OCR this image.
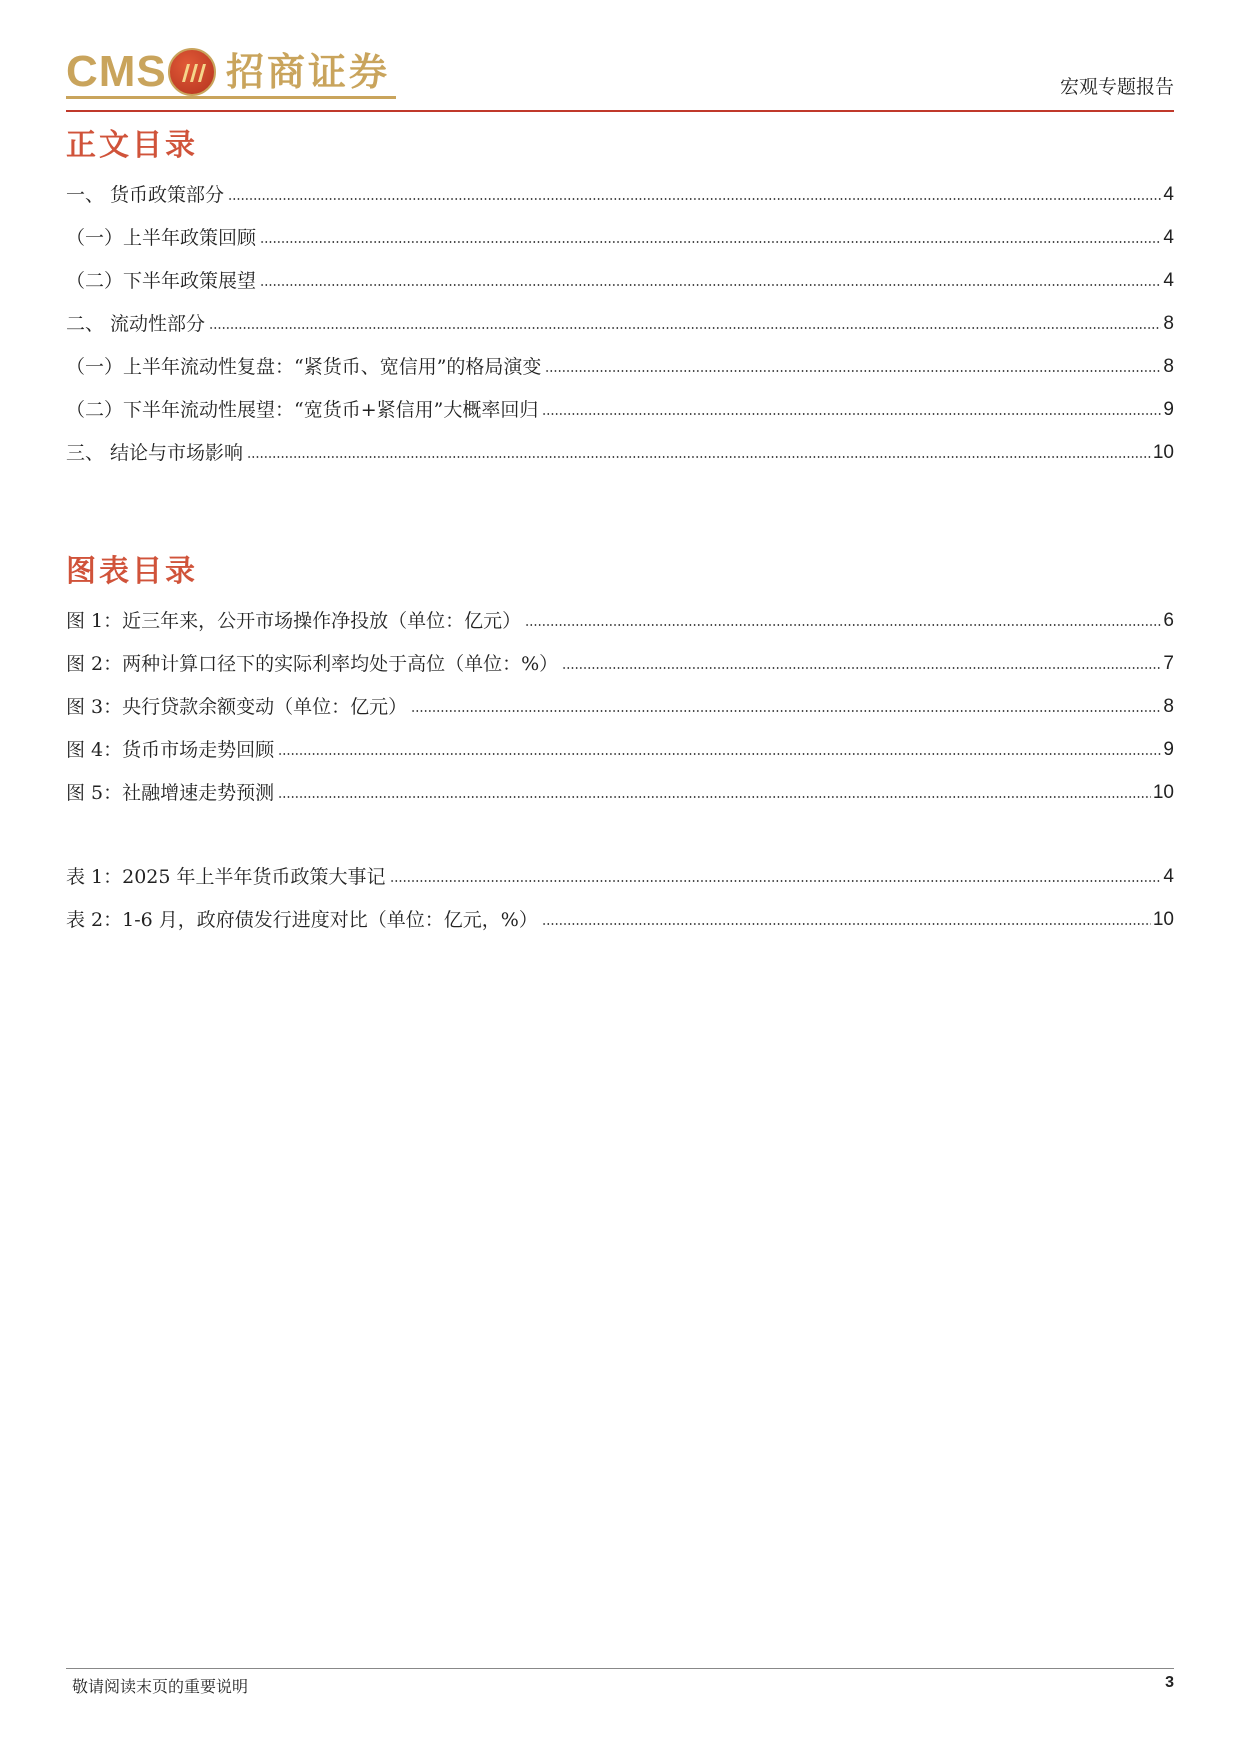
CMS 招商证券	宏观专题报告
正文目录
一、 货币政策部分	4
（一）上半年政策回顾	4
（二）下半年政策展望	4
二、 流动性部分	8
（一）上半年流动性复盘：“紧货币、宽信用”的格局演变	8
（二）下半年流动性展望：“宽货币+紧信用”大概率回归	9
三、 结论与市场影响	10
图表目录
图 1：近三年来，公开市场操作净投放（单位：亿元）	6
图 2：两种计算口径下的实际利率均处于高位（单位：%）	7
图 3：央行贷款余额变动（单位：亿元）	8
图 4：货币市场走势回顾	9
图 5：社融增速走势预测	10
表 1：2025 年上半年货币政策大事记	4
表 2：1-6 月，政府债发行进度对比（单位：亿元，%）	10
敬请阅读末页的重要说明	3
